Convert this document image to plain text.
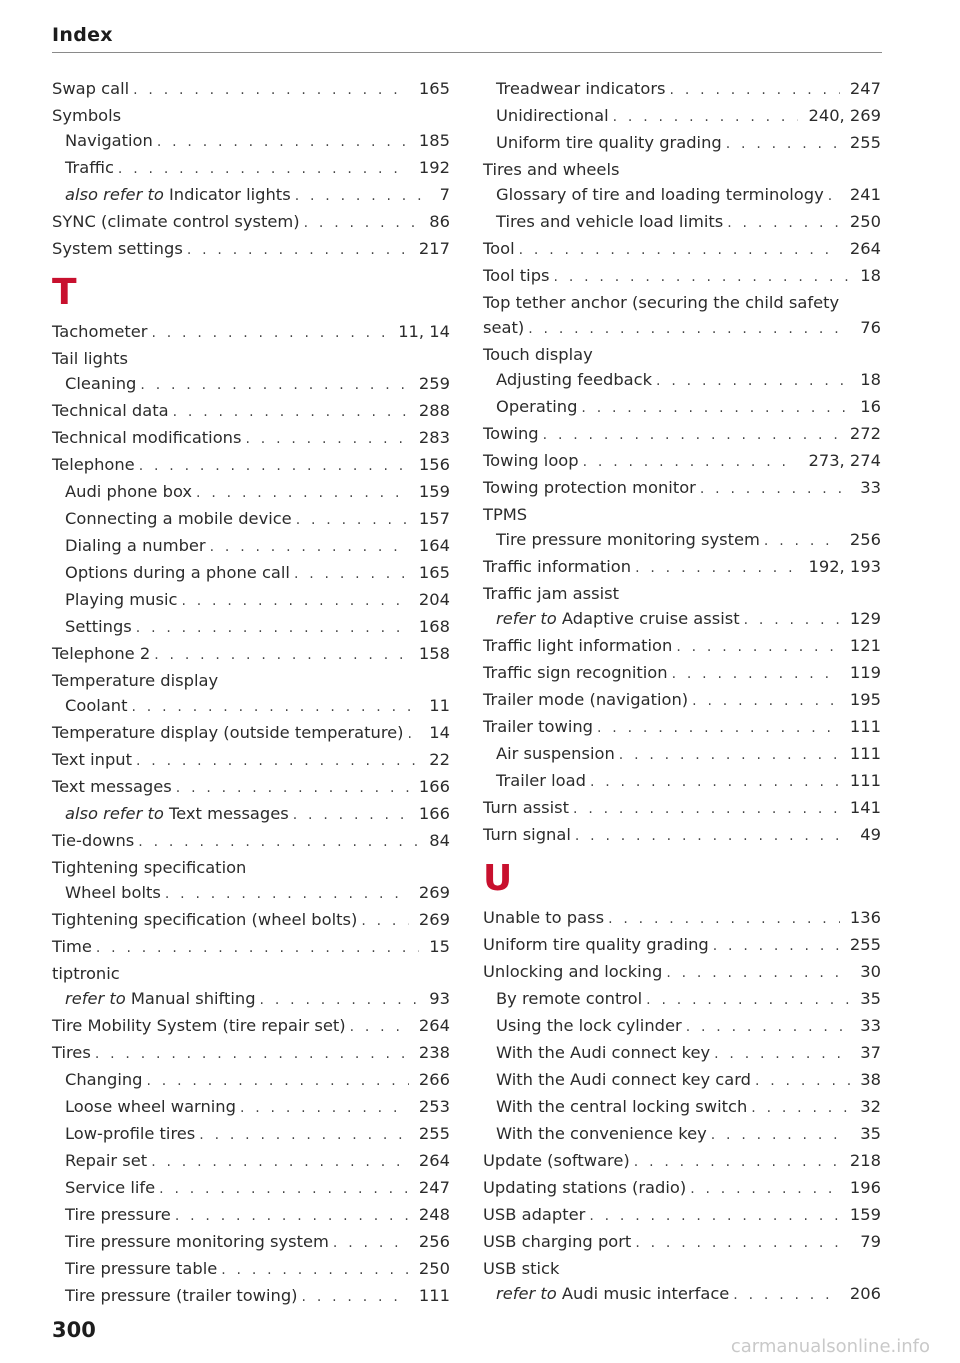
Index
Swap call . . .	165
Symbols
Navigation . . .	185
Traffic . . .	192
also refer to Indicator lights . . .	7
SYNC (climate control system) . . .	86
System settings . . .	217
T
Tachometer . . .	11, 14
Tail lights
Cleaning . . .	259
Technical data . . .	288
Technical modifications . . .	283
Telephone . . .	156
Audi phone box . . .	159
Connecting a mobile device . . .	157
Dialing a number . . .	164
Options during a phone call . . .	165
Playing music . . .	204
Settings . . .	168
Telephone 2 . . .	158
Temperature display
Coolant . . .	11
Temperature display (outside temperature) . . . 14
Text input . . .	22
Text messages . . .	166
also refer to Text messages . . .	166
Tie-downs . . .	84
Tightening specification
Wheel bolts . . .	269
Tightening specification (wheel bolts) . . .	269
Time . . .	15
tiptronic
refer to Manual shifting . . .	93
Tire Mobility System (tire repair set) . . .	264
Tires . . .	238
Changing . . .	266
Loose wheel warning . . .	253
Low-profile tires . . .	255
Repair set . . .	264
Service life . . .	247
Tire pressure . . .	248
Tire pressure monitoring system . . .	256
Tire pressure table . . .	250
Tire pressure (trailer towing) . . .	111
Treadwear indicators . . .	247
Unidirectional . . .	240, 269
Uniform tire quality grading . . .	255
Tires and wheels
Glossary of tire and loading terminology . . . 241
Tires and vehicle load limits . . .	250
Tool . . .	264
Tool tips . . .	18
Top tether anchor (securing the child safety
seat) . . .	76
Touch display
Adjusting feedback . . .	18
Operating . . .	16
Towing . . .	272
Towing loop . . .	273, 274
Towing protection monitor . . .	33
TPMS
Tire pressure monitoring system . . .	256
Traffic information . . .	192, 193
Traffic jam assist
refer to Adaptive cruise assist . . .	129
Traffic light information . . .	121
Traffic sign recognition . . .	119
Trailer mode (navigation) . . .	195
Trailer towing . . .	111
Air suspension . . .	111
Trailer load . . .	111
Turn assist . . .	141
Turn signal . . .	49
U
Unable to pass . . .	136
Uniform tire quality grading . . .	255
Unlocking and locking . . .	30
By remote control . . .	35
Using the lock cylinder . . .	33
With the Audi connect key . . .	37
With the Audi connect key card . . .	38
With the central locking switch . . .	32
With the convenience key . . .	35
Update (software) . . .	218
Updating stations (radio) . . .	196
USB adapter . . .	159
USB charging port . . .	79
USB stick
refer to Audi music interface . . .	206
300
carmanualsonline.info
